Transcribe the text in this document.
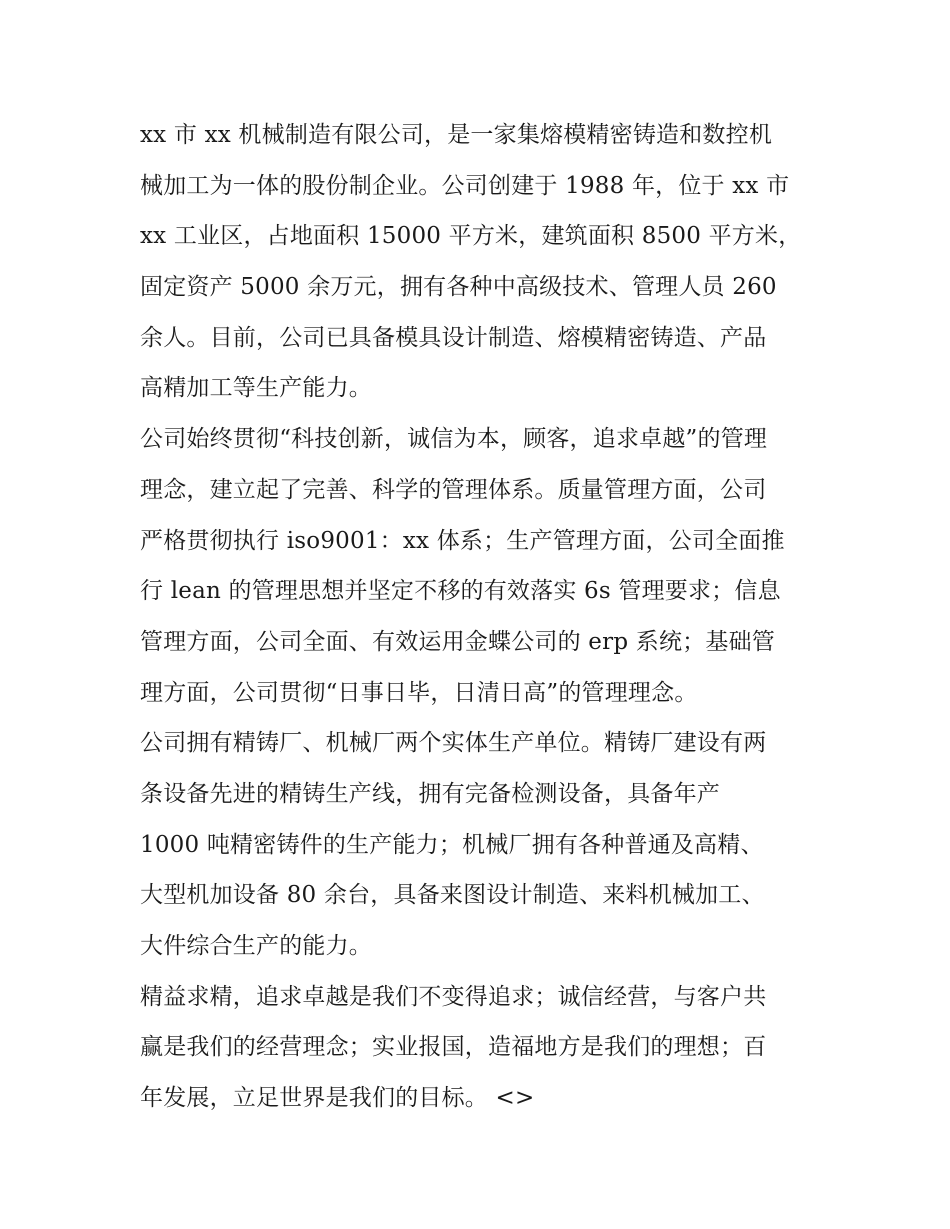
xx 市 xx 机械制造有限公司，是一家集熔模精密铸造和数控机
械加工为一体的股份制企业。公司创建于 1988 年，位于 xx 市
xx 工业区，占地面积 15000 平方米，建筑面积 8500 平方米，
固定资产 5000 余万元，拥有各种中高级技术、管理人员 260
余人。目前，公司已具备模具设计制造、熔模精密铸造、产品
高精加工等生产能力。
公司始终贯彻“科技创新，诚信为本，顾客，追求卓越”的管理
理念，建立起了完善、科学的管理体系。质量管理方面，公司
严格贯彻执行 iso9001：xx 体系；生产管理方面，公司全面推
行 lean 的管理思想并坚定不移的有效落实 6s 管理要求；信息
管理方面，公司全面、有效运用金蝶公司的 erp 系统；基础管
理方面，公司贯彻“日事日毕，日清日高”的管理理念。
公司拥有精铸厂、机械厂两个实体生产单位。精铸厂建设有两
条设备先进的精铸生产线，拥有完备检测设备，具备年产
1000 吨精密铸件的生产能力；机械厂拥有各种普通及高精、
大型机加设备 80 余台，具备来图设计制造、来料机械加工、
大件综合生产的能力。
精益求精，追求卓越是我们不变得追求；诚信经营，与客户共
赢是我们的经营理念；实业报国，造福地方是我们的理想；百
年发展，立足世界是我们的目标。 <>
